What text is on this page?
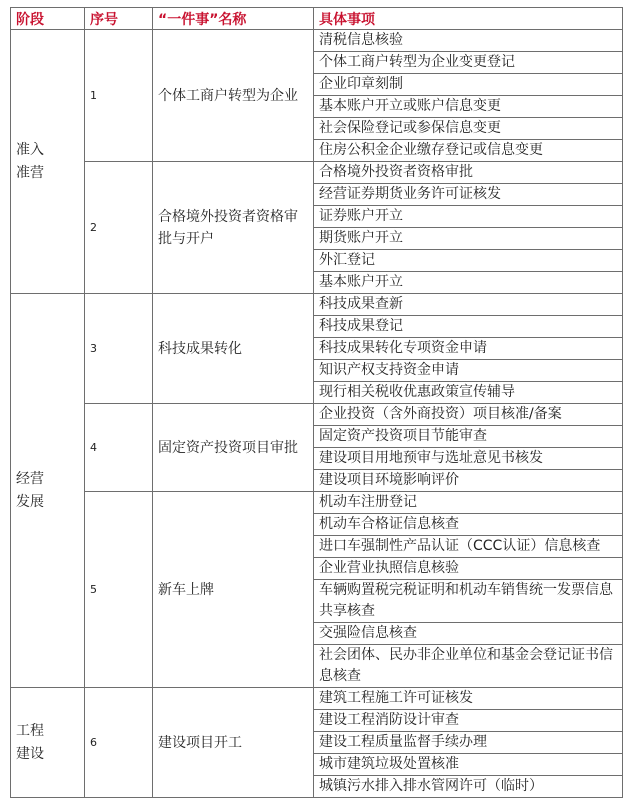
阶段	序号	“一件事”名称	具体事项

准入
准营	1	个体工商户转型为企业	清税信息核验
			个体工商户转型为企业变更登记
			企业印章刻制
			基本账户开立或账户信息变更
			社会保险登记或参保信息变更
			住房公积金企业缴存登记或信息变更
	2	合格境外投资者资格审批与开户	合格境外投资者资格审批
			经营证券期货业务许可证核发
			证券账户开立
			期货账户开立
			外汇登记
			基本账户开立

经营
发展	3	科技成果转化	科技成果查新
			科技成果登记
			科技成果转化专项资金申请
			知识产权支持资金申请
			现行相关税收优惠政策宣传辅导
	4	固定资产投资项目审批	企业投资（含外商投资）项目核准/备案
			固定资产投资项目节能审查
			建设项目用地预审与选址意见书核发
			建设项目环境影响评价
	5	新车上牌	机动车注册登记
			机动车合格证信息核查
			进口车强制性产品认证（CCC认证）信息核查
			企业营业执照信息核验
			车辆购置税完税证明和机动车销售统一发票信息共享核查
			交强险信息核查
			社会团体、民办非企业单位和基金会登记证书信息核查

工程
建设	6	建设项目开工	建筑工程施工许可证核发
			建设工程消防设计审查
			建设工程质量监督手续办理
			城市建筑垃圾处置核准
			城镇污水排入排水管网许可（临时）
